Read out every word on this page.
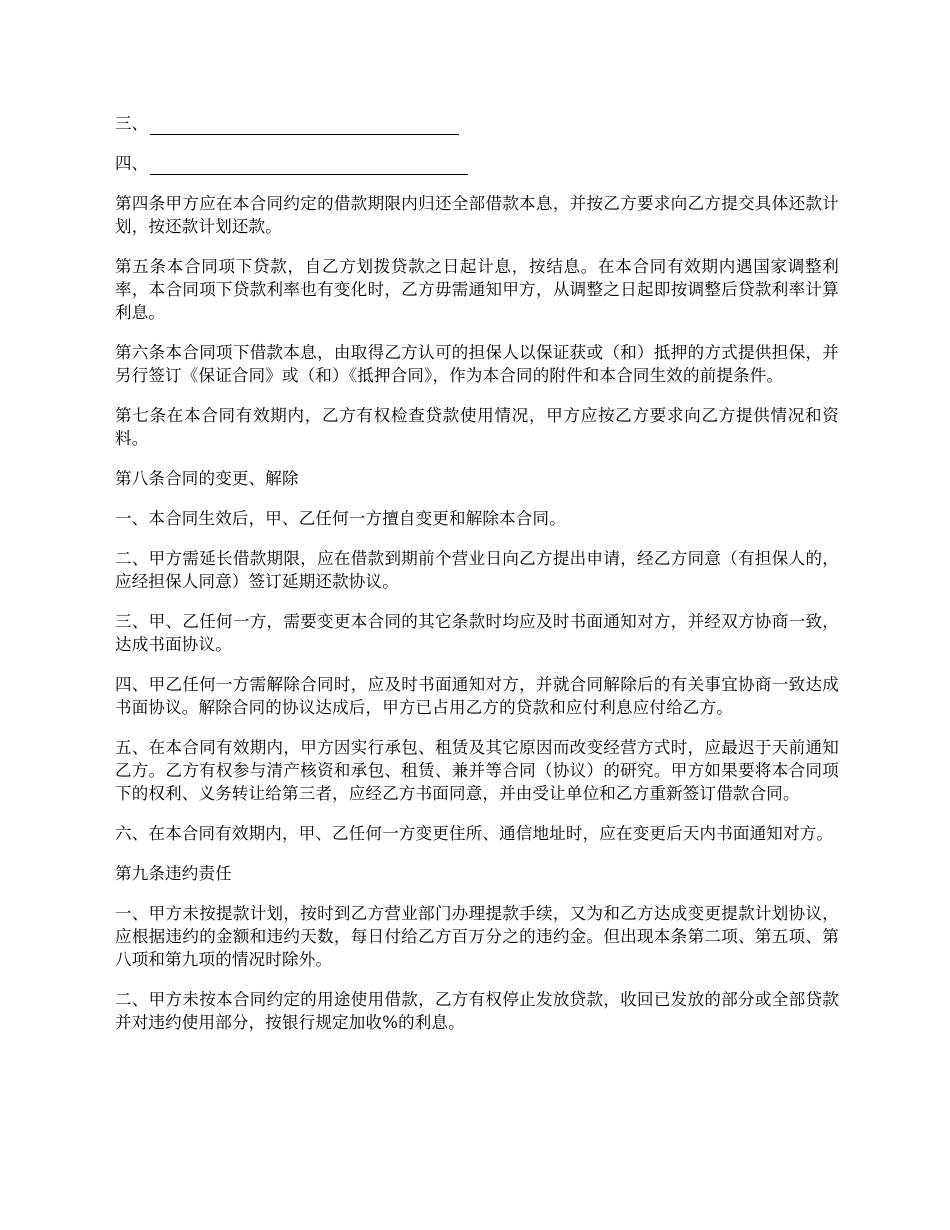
三、
四、

第四条甲方应在本合同约定的借款期限内归还全部借款本息，并按乙方要求向乙方提交具体还款计划，按还款计划还款。

第五条本合同项下贷款，自乙方划拨贷款之日起计息，按结息。在本合同有效期内遇国家调整利率，本合同项下贷款利率也有变化时，乙方毋需通知甲方，从调整之日起即按调整后贷款利率计算利息。

第六条本合同项下借款本息，由取得乙方认可的担保人以保证获或（和）抵押的方式提供担保，并另行签订《保证合同》或（和）《抵押合同》，作为本合同的附件和本合同生效的前提条件。

第七条在本合同有效期内，乙方有权检查贷款使用情况，甲方应按乙方要求向乙方提供情况和资料。

第八条合同的变更、解除

一、本合同生效后，甲、乙任何一方擅自变更和解除本合同。

二、甲方需延长借款期限，应在借款到期前个营业日向乙方提出申请，经乙方同意（有担保人的，应经担保人同意）签订延期还款协议。

三、甲、乙任何一方，需要变更本合同的其它条款时均应及时书面通知对方，并经双方协商一致，达成书面协议。

四、甲乙任何一方需解除合同时，应及时书面通知对方，并就合同解除后的有关事宜协商一致达成书面协议。解除合同的协议达成后，甲方已占用乙方的贷款和应付利息应付给乙方。

五、在本合同有效期内，甲方因实行承包、租赁及其它原因而改变经营方式时，应最迟于天前通知乙方。乙方有权参与清产核资和承包、租赁、兼并等合同（协议）的研究。甲方如果要将本合同项下的权利、义务转让给第三者，应经乙方书面同意，并由受让单位和乙方重新签订借款合同。

六、在本合同有效期内，甲、乙任何一方变更住所、通信地址时，应在变更后天内书面通知对方。

第九条违约责任

一、甲方未按提款计划，按时到乙方营业部门办理提款手续，又为和乙方达成变更提款计划协议，应根据违约的金额和违约天数，每日付给乙方百万分之的违约金。但出现本条第二项、第五项、第八项和第九项的情况时除外。

二、甲方未按本合同约定的用途使用借款，乙方有权停止发放贷款，收回已发放的部分或全部贷款并对违约使用部分，按银行规定加收%的利息。
